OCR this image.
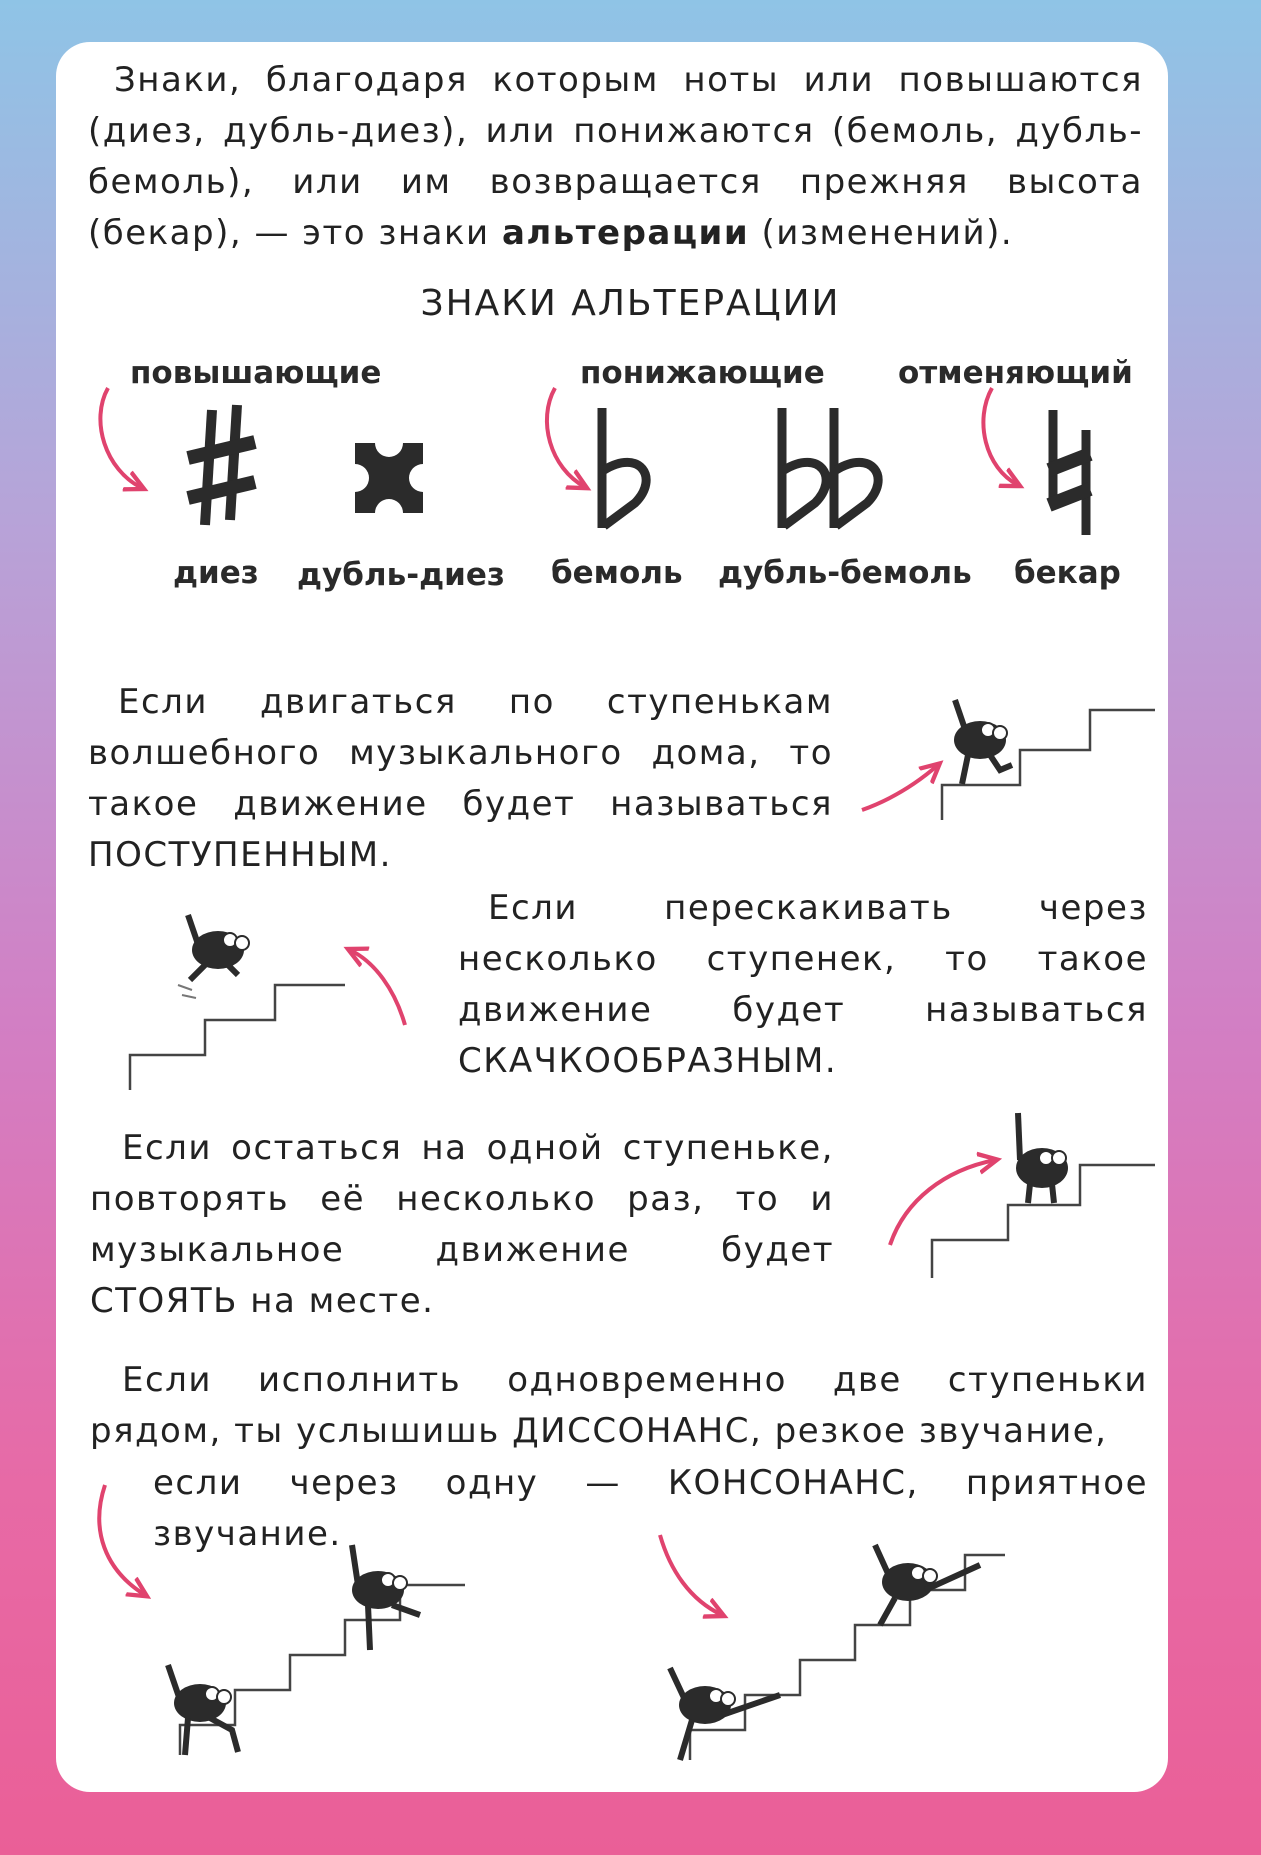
Знаки, благодаря которым ноты или повышаются (диез, дубль-диез), или понижаются (бемоль, дубль-бемоль), или им возвращается прежняя высота (бекар), — это знаки альтерации (изменений).

ЗНАКИ АЛЬТЕРАЦИИ

повышающие	понижающие отменяющий

диез дубль-диез бемоль дубль-бемоль бекар

Если двигаться по ступенькам волшебного музыкального дома, то такое движение будет называться ПОСТУПЕННЫМ.

Если перескакивать через несколько ступенек, то такое движение будет называться СКАЧКООБРАЗНЫМ.

Если остаться на одной ступеньке, повторять её несколько раз, то и музыкальное движение будет СТОЯТЬ на месте.

Если исполнить одновременно две ступеньки рядом, ты услышишь ДИССОНАНС, резкое звучание,

если через одну — КОНСОНАНС, приятное звучание.
